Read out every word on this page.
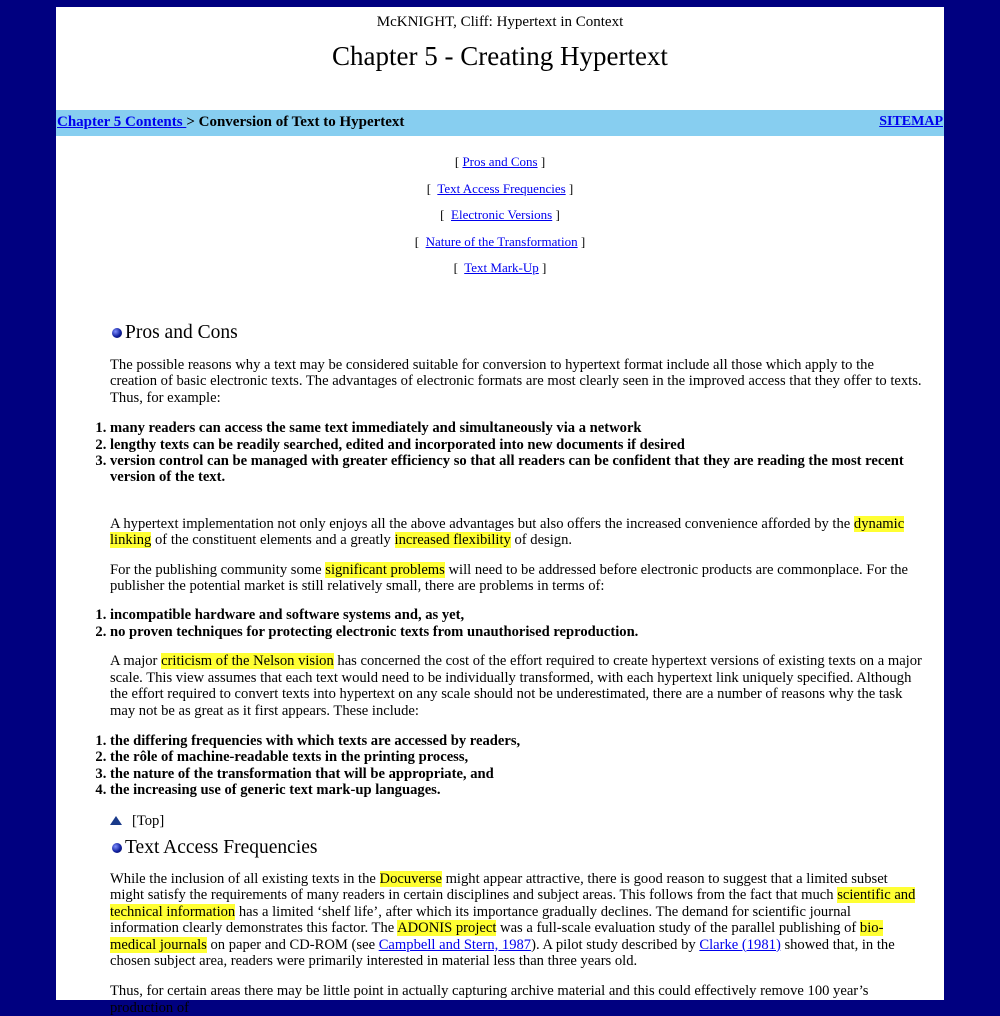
McKNIGHT, Cliff: Hypertext in Context
Chapter 5 - Creating Hypertext
Chapter 5 Contents > Conversion of Text to Hypertext	SITEMAP
[ Pros and Cons ]
[  Text Access Frequencies ]
[  Electronic Versions ]
[  Nature of the Transformation ]
[  Text Mark-Up ]
Pros and Cons

The possible reasons why a text may be considered suitable for conversion to hypertext format include all those which apply to the creation of basic electronic texts. The advantages of electronic formats are most clearly seen in the improved access that they offer to texts. Thus, for example:

1. many readers can access the same text immediately and simultaneously via a network
2. lengthy texts can be readily searched, edited and incorporated into new documents if desired
3. version control can be managed with greater efficiency so that all readers can be confident that they are reading the most recent version of the text.

A hypertext implementation not only enjoys all the above advantages but also offers the increased convenience afforded by the dynamic linking of the constituent elements and a greatly increased flexibility of design.

For the publishing community some significant problems will need to be addressed before electronic products are commonplace. For the publisher the potential market is still relatively small, there are problems in terms of:

1. incompatible hardware and software systems and, as yet,
2. no proven techniques for protecting electronic texts from unauthorised reproduction.

A major criticism of the Nelson vision has concerned the cost of the effort required to create hypertext versions of existing texts on a major scale. This view assumes that each text would need to be individually transformed, with each hypertext link uniquely specified. Although the effort required to convert texts into hypertext on any scale should not be underestimated, there are a number of reasons why the task may not be as great as it first appears. These include:

1. the differing frequencies with which texts are accessed by readers,
2. the rôle of machine-readable texts in the printing process,
3. the nature of the transformation that will be appropriate, and
4. the increasing use of generic text mark-up languages.
[Top]
Text Access Frequencies

While the inclusion of all existing texts in the Docuverse might appear attractive, there is good reason to suggest that a limited subset might satisfy the requirements of many readers in certain disciplines and subject areas. This follows from the fact that much scientific and technical information has a limited ‘shelf life’, after which its importance gradually declines. The demand for scientific journal information clearly demonstrates this factor. The ADONIS project was a full-scale evaluation study of the parallel publishing of bio-medical journals on paper and CD-ROM (see Campbell and Stern, 1987). A pilot study described by Clarke (1981) showed that, in the chosen subject area, readers were primarily interested in material less than three years old.

Thus, for certain areas there may be little point in actually capturing archive material and this could effectively remove 100 year’s production of
